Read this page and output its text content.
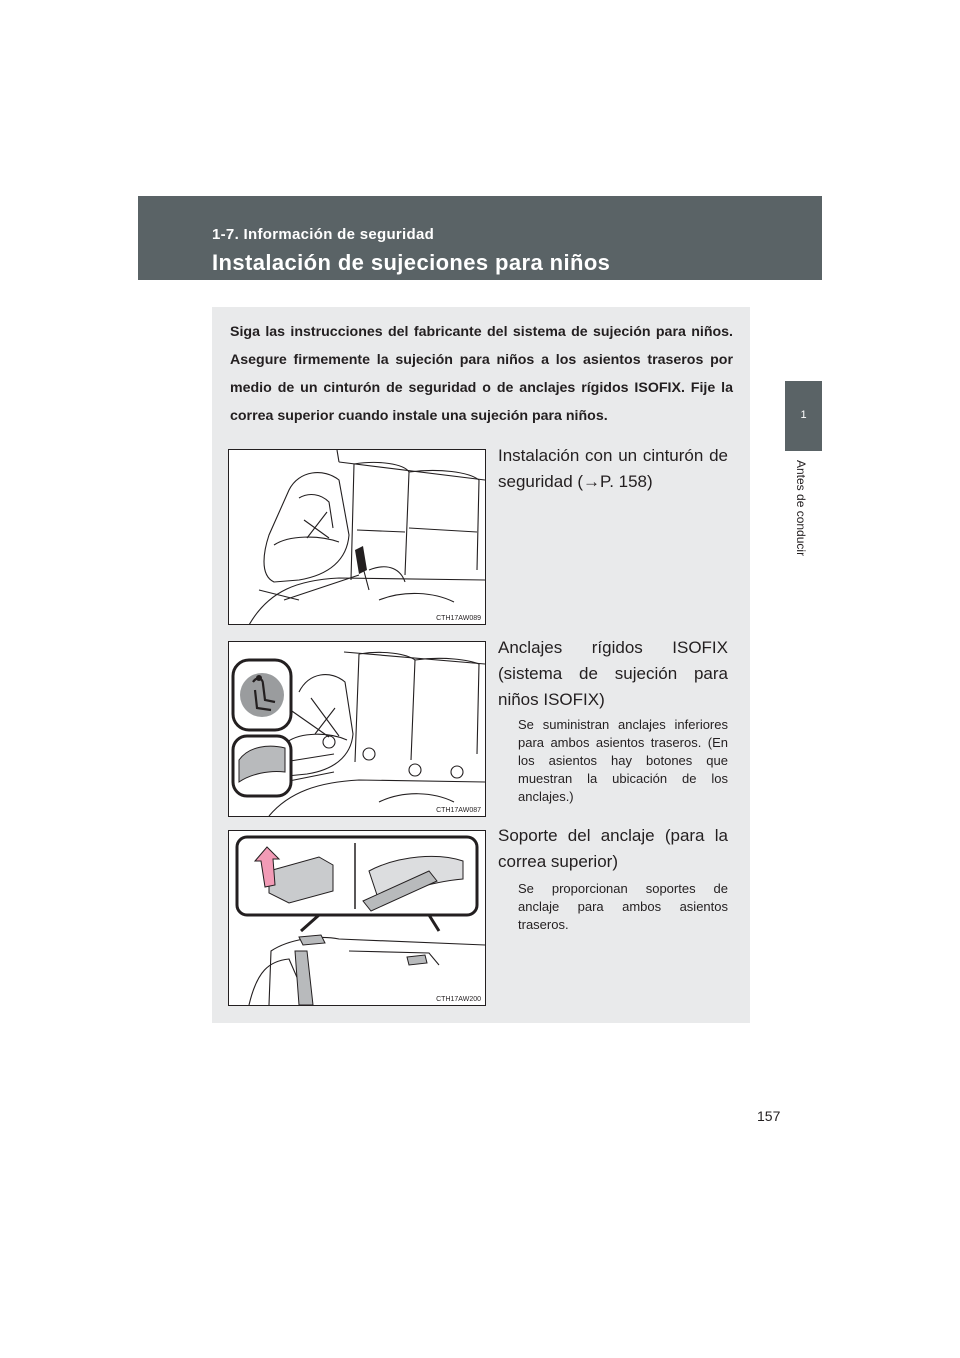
1-7. Información de seguridad
Instalación de sujeciones para niños
1
Antes de conducir
Siga las instrucciones del fabricante del sistema de sujeción para niños. Asegure firmemente la sujeción para niños a los asientos traseros por medio de un cinturón de seguridad o de anclajes rígidos ISOFIX. Fije la correa superior cuando instale una sujeción para niños.
CTH17AW089
Instalación con un cinturón de seguridad (→P. 158)
CTH17AW087
Anclajes rígidos ISOFIX (sistema de sujeción para niños ISOFIX)
Se suministran anclajes inferiores para ambos asientos traseros. (En los asientos hay botones que muestran la ubicación de los anclajes.)
CTH17AW200
Soporte del anclaje (para la correa superior)
Se proporcionan soportes de anclaje para ambos asientos traseros.
157
